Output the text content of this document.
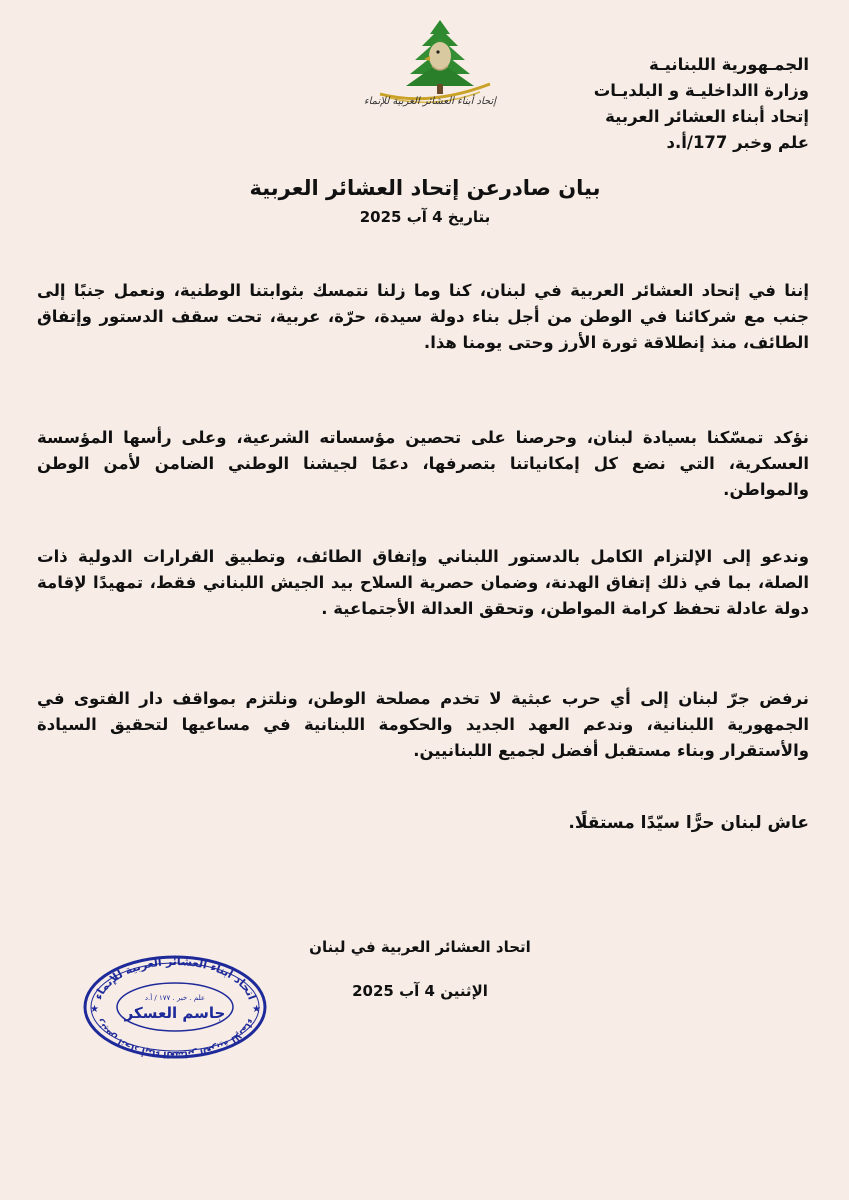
الجمـهورية اللبنانيـة
وزارة االداخليـة و البلديـات
إتحاد أبناء العشائر العربية
علم وخبر 177/أ.د
إتحاد أبناء العشائر العربية للإنماء
بيان صادرعن إتحاد العشائر العربية
بتاريخ 4 آب 2025
إننا في إتحاد العشائر العربية في لبنان، كنا وما زلنا نتمسك بثوابتنا الوطنية، ونعمل جنبًا إلى جنب مع شركائنا في الوطن من أجل بناء دولة سيدة، حرّة، عربية، تحت سقف الدستور وإتفاق الطائف، منذ إنطلاقة ثورة الأرز وحتى يومنا هذا.
نؤكد تمسّكنا بسيادة لبنان، وحرصنا على تحصين مؤسساته الشرعية، وعلى رأسها المؤسسة العسكرية، التي نضع كل إمكانياتنا بتصرفها، دعمًا لجيشنا الوطني الضامن لأمن الوطن والمواطن.
وندعو إلى الإلتزام الكامل بالدستور اللبناني وإتفاق الطائف، وتطبيق القرارات الدولية ذات الصلة، بما في ذلك إتفاق الهدنة، وضمان حصرية السلاح بيد الجيش اللبناني فقط، تمهيدًا لإقامة دولة عادلة تحفظ كرامة المواطن، وتحقق العدالة الأجتماعية .
نرفض جرّ لبنان إلى أي حرب عبثية لا تخدم مصلحة الوطن، ونلتزم بمواقف دار الفتوى في الجمهورية اللبنانية، وندعم العهد الجديد والحكومة اللبنانية في مساعيها لتحقيق السيادة والأستقرار وبناء مستقبل أفضل لجميع اللبنانيين.
عاش لبنان حرًّا سيّدًا مستقلًا.
اتحاد العشائر العربية في لبنان
الإثنين 4 آب 2025
اتحاد أبناء العشائر العربية للإنماء
رئيس اتحاد أبناء العشائر العربية للإنماء
علم . خبر . ١٧٧ / أ.د
جاسم العسكر
★	★
